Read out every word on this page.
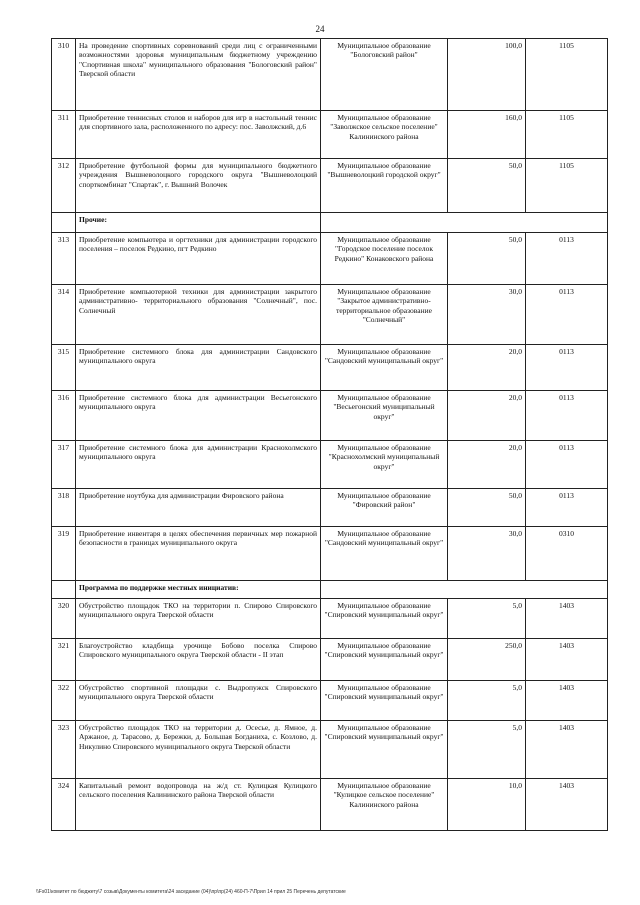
24
310	На проведение спортивных соревнований среди лиц с ограниченными возможностями здоровья муниципальным бюджетному учреждению "Спортивная школа" муниципального образования "Бологовский район" Тверской области	Муниципальное образование "Бологовский район"	100,0	1105
311	Приобретение теннисных столов и наборов для игр в настольный теннис для спортивного зала, расположенного по адресу: пос. Заволжский, д.6	Муниципальное образование "Заволжское сельское поселение" Калининского района	160,0	1105
312	Приобретение футбольной формы для муниципального бюджетного учреждения Вышневолоцкого городского округа "Вышневолоцкий спорткомбинат "Спартак", г. Вышний Волочек	Муниципальное образование "Вышневолоцкий городской округ"	50,0	1105
	Прочие:			
313	Приобретение компьютера и оргтехники для администрации городского поселения – поселок Редкино, пгт Редкино	Муниципальное образование "Городское поселение поселок Редкино" Конаковского района	50,0	0113
314	Приобретение компьютерной техники для администрации закрытого административно- территориального образования "Солнечный", пос. Солнечный	Муниципальное образование "Закрытое административно-территориальное образование "Солнечный"	30,0	0113
315	Приобретение системного блока для администрации Сандовского муниципального округа	Муниципальное образование "Сандовский муниципальный округ"	20,0	0113
316	Приобретение системного блока для администрации Весьегонского муниципального округа	Муниципальное образование "Весьегонский муниципальный округ"	20,0	0113
317	Приобретение системного блока для администрации Краснохолмского муниципального округа	Муниципальное образование "Краснохолмский муниципальный округ"	20,0	0113
318	Приобретение ноутбука для администрации Фировского района	Муниципальное образование "Фировский район"	50,0	0113
319	Приобретение инвентаря в целях обеспечения первичных мер пожарной безопасности в границах муниципального округа	Муниципальное образование "Сандовский муниципальный округ"	30,0	0310
	Программа по поддержке местных инициатив:			
320	Обустройство площадок ТКО на территории п. Спирово Спировского муниципального округа Тверской области	Муниципальное образование "Спировский муниципальный округ"	5,0	1403
321	Благоустройство кладбища урочище Бобово поселка Спирово Спировского муниципального округа Тверской области - II этап	Муниципальное образование "Спировский муниципальный округ"	250,0	1403
322	Обустройство спортивной площадки с. Выдропужск Спировского муниципального округа Тверской области	Муниципальное образование "Спировский муниципальный округ"	5,0	1403
323	Обустройство площадок ТКО на территории д. Осесье, д. Ямное, д. Аржаное, д. Тарасово, д. Бережки, д. Большая Богданиха, с. Козлово, д. Никулино Спировского муниципального округа Тверской области	Муниципальное образование "Спировский муниципальный округ"	5,0	1403
324	Капитальный ремонт водопровода на ж/д ст. Кулицкая Кулицкого сельского поселения Калининского района Тверской области	Муниципальное образование "Кулицкое сельское поселение" Калининского района	10,0	1403
\\Fs01\комитет по бюджету\7 созыв\Документы комитета\24 заседание (04)\пр\пр(24) 460-П-7\Прил 14 прил 25 Перечень депутатские
